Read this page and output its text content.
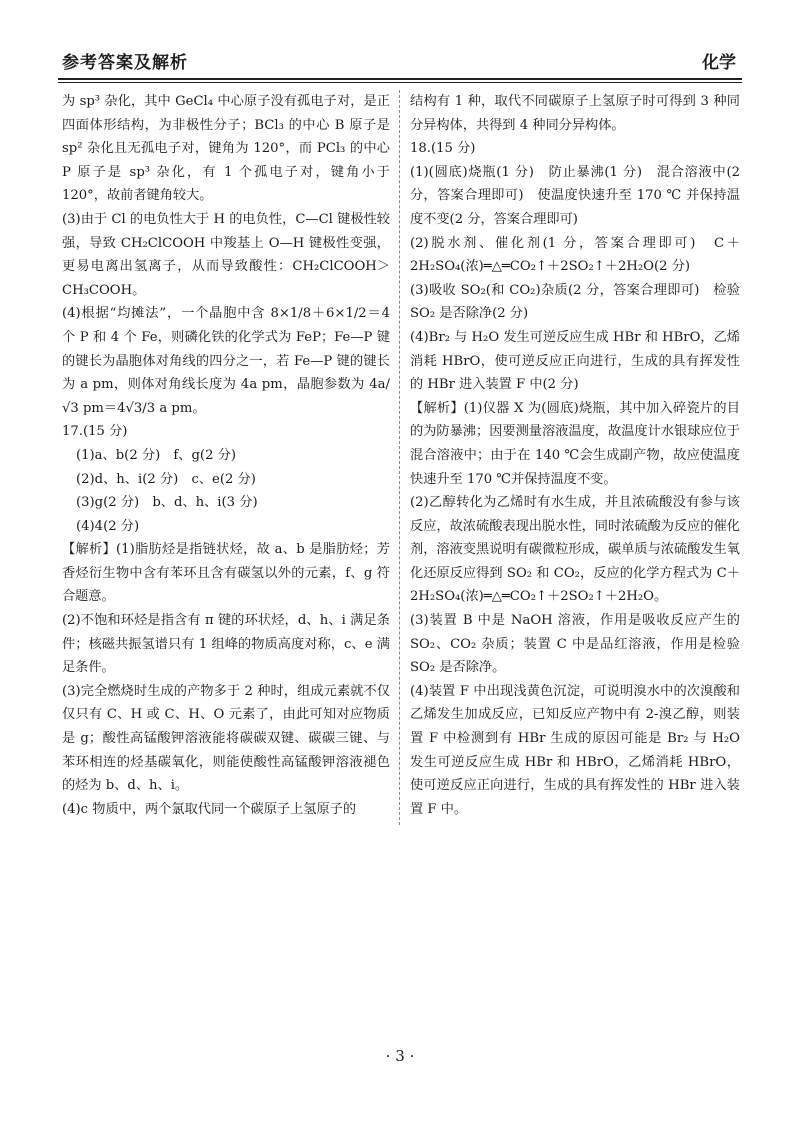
参考答案及解析	化学

为 sp³ 杂化，其中 GeCl₄ 中心原子没有孤电子对，是正四面体形结构，为非极性分子；BCl₃ 的中心 B 原子是 sp² 杂化且无孤电子对，键角为 120°，而 PCl₃ 的中心 P 原子是 sp³ 杂化，有 1 个孤电子对，键角小于 120°，故前者键角较大。

(3)由于 Cl 的电负性大于 H 的电负性，C—Cl 键极性较强，导致 CH₂ClCOOH 中羧基上 O—H 键极性变强，更易电离出氢离子，从而导致酸性：CH₂ClCOOH＞CH₃COOH。

(4)根据“均摊法”，一个晶胞中含 8×1/8＋6×1/2＝4 个 P 和 4 个 Fe，则磷化铁的化学式为 FeP；Fe—P 键的键长为晶胞体对角线的四分之一，若 Fe—P 键的键长为 a pm，则体对角线长度为 4a pm，晶胞参数为 4a/√3 pm＝4√3/3 a pm。

17.(15 分)

(1)a、b(2 分)　f、g(2 分)

(2)d、h、i(2 分)　c、e(2 分)

(3)g(2 分)　b、d、h、i(3 分)

(4)4(2 分)

【解析】(1)脂肪烃是指链状烃，故 a、b 是脂肪烃；芳香烃衍生物中含有苯环且含有碳氢以外的元素，f、g 符合题意。

(2)不饱和环烃是指含有 π 键的环状烃，d、h、i 满足条件；核磁共振氢谱只有 1 组峰的物质高度对称，c、e 满足条件。

(3)完全燃烧时生成的产物多于 2 种时，组成元素就不仅仅只有 C、H 或 C、H、O 元素了，由此可知对应物质是 g；酸性高锰酸钾溶液能将碳碳双键、碳碳三键、与苯环相连的烃基碳氧化，则能使酸性高锰酸钾溶液褪色的烃为 b、d、h、i。

(4)c 物质中，两个氯取代同一个碳原子上氢原子的

结构有 1 种，取代不同碳原子上氢原子时可得到 3 种同分异构体，共得到 4 种同分异构体。

18.(15 分)

(1)(圆底)烧瓶(1 分)　防止暴沸(1 分)　混合溶液中(2 分，答案合理即可)　使温度快速升至 170 ℃ 并保持温度不变(2 分，答案合理即可)

(2)脱水剂、催化剂(1 分，答案合理即可)　C＋2H₂SO₄(浓)═△═CO₂↑＋2SO₂↑＋2H₂O(2 分)

(3)吸收 SO₂(和 CO₂)杂质(2 分，答案合理即可)　检验 SO₂ 是否除净(2 分)

(4)Br₂ 与 H₂O 发生可逆反应生成 HBr 和 HBrO，乙烯消耗 HBrO，使可逆反应正向进行，生成的具有挥发性的 HBr 进入装置 F 中(2 分)

【解析】(1)仪器 X 为(圆底)烧瓶，其中加入碎瓷片的目的为防暴沸；因要测量溶液温度，故温度计水银球应位于混合溶液中；由于在 140 ℃会生成副产物，故应使温度快速升至 170 ℃并保持温度不变。

(2)乙醇转化为乙烯时有水生成，并且浓硫酸没有参与该反应，故浓硫酸表现出脱水性，同时浓硫酸为反应的催化剂，溶液变黑说明有碳微粒形成，碳单质与浓硫酸发生氧化还原反应得到 SO₂ 和 CO₂，反应的化学方程式为 C＋2H₂SO₄(浓)═△═CO₂↑＋2SO₂↑＋2H₂O。

(3)装置 B 中是 NaOH 溶液，作用是吸收反应产生的 SO₂、CO₂ 杂质；装置 C 中是品红溶液，作用是检验 SO₂ 是否除净。

(4)装置 F 中出现浅黄色沉淀，可说明溴水中的次溴酸和乙烯发生加成反应，已知反应产物中有 2-溴乙醇，则装置 F 中检测到有 HBr 生成的原因可能是 Br₂ 与 H₂O 发生可逆反应生成 HBr 和 HBrO，乙烯消耗 HBrO，使可逆反应正向进行，生成的具有挥发性的 HBr 进入装置 F 中。

· 3 ·
